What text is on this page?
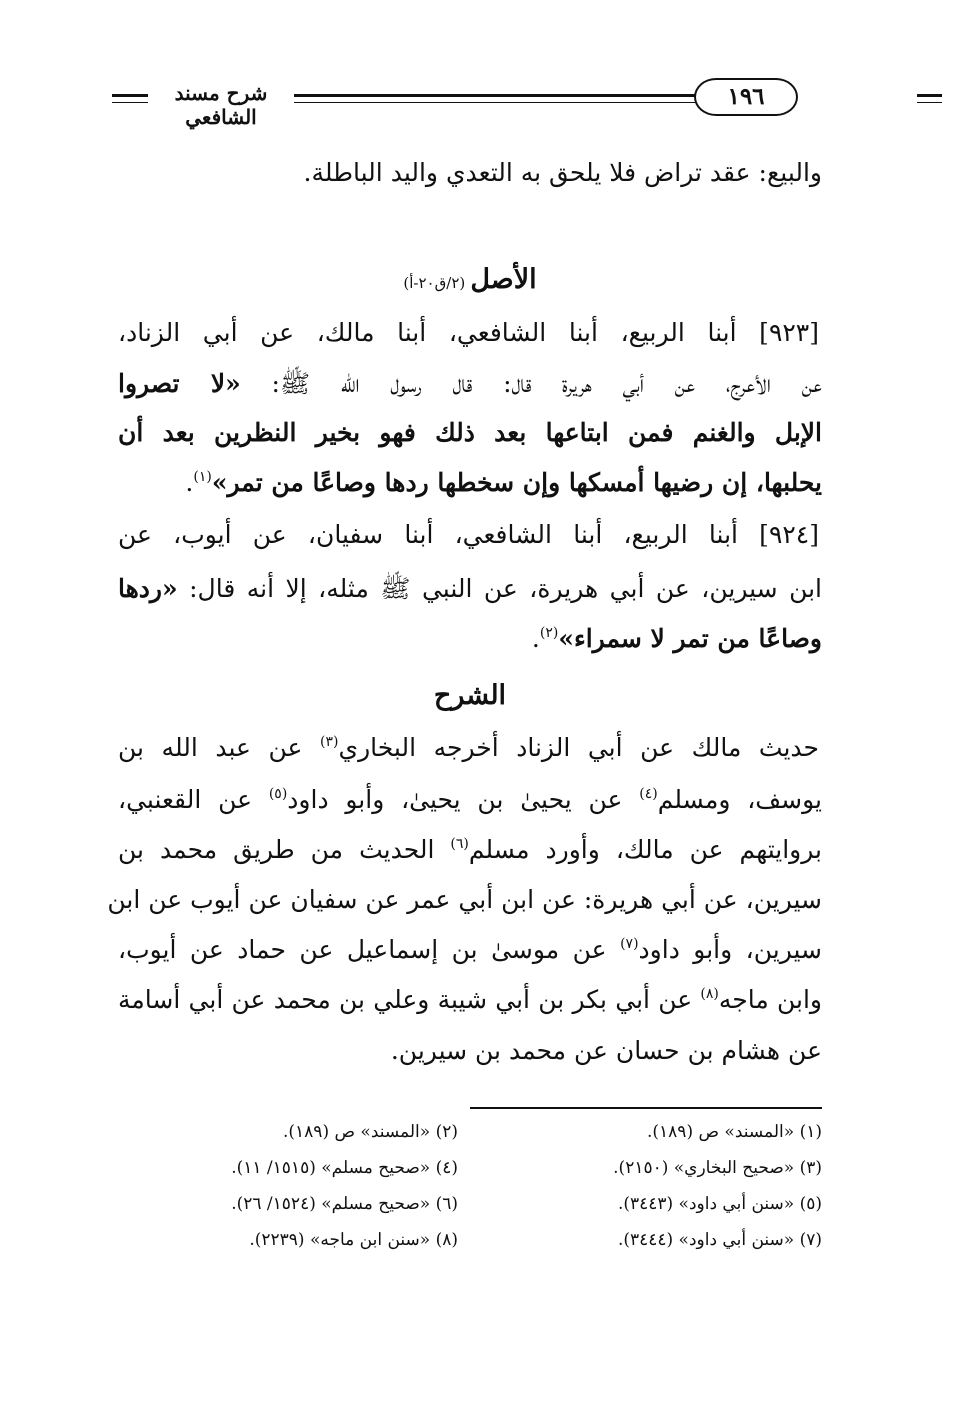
شرح مسند الشافعي
١٩٦
والبيع: عقد تراض فلا يلحق به التعدي واليد الباطلة.
الأصل (٢/ق٢٠-أ)
[٩٢٣] أبنا الربيع، أبنا الشافعي، أبنا مالك، عن أبي الزناد،
عن الأعرج، عن أبي هريرة قال: قال رسول الله ﷺ: «لا تصروا
الإبل والغنم فمن ابتاعها بعد ذلك فهو بخير النظرين بعد أن
يحلبها، إن رضيها أمسكها وإن سخطها ردها وصاعًا من تمر»$^{(١)}$.
[٩٢٤] أبنا الربيع، أبنا الشافعي، أبنا سفيان، عن أيوب، عن
ابن سيرين، عن أبي هريرة، عن النبي ﷺ مثله، إلا أنه قال: «ردها
وصاعًا من تمر لا سمراء»$^{(٢)}$.
الشرح
حديث مالك عن أبي الزناد أخرجه البخاري$^{(٣)}$ عن عبد الله بن
يوسف، ومسلم$^{(٤)}$ عن يحيىٰ بن يحيىٰ، وأبو داود$^{(٥)}$ عن القعنبي،
بروايتهم عن مالك، وأورد مسلم$^{(٦)}$ الحديث من طريق محمد بن
سيرين، عن أبي هريرة: عن ابن أبي عمر عن سفيان عن أيوب عن ابن
سيرين، وأبو داود$^{(٧)}$ عن موسىٰ بن إسماعيل عن حماد عن أيوب،
وابن ماجه$^{(٨)}$ عن أبي بكر بن أبي شيبة وعلي بن محمد عن أبي أسامة
عن هشام بن حسان عن محمد بن سيرين.
(١) «المسند» ص (١٨٩).
(٢) «المسند» ص (١٨٩).
(٣) «صحيح البخاري» (٢١٥٠).
(٤) «صحيح مسلم» (١٥١٥/ ١١).
(٥) «سنن أبي داود» (٣٤٤٣).
(٦) «صحيح مسلم» (١٥٢٤/ ٢٦).
(٧) «سنن أبي داود» (٣٤٤٤).
(٨) «سنن ابن ماجه» (٢٢٣٩).
